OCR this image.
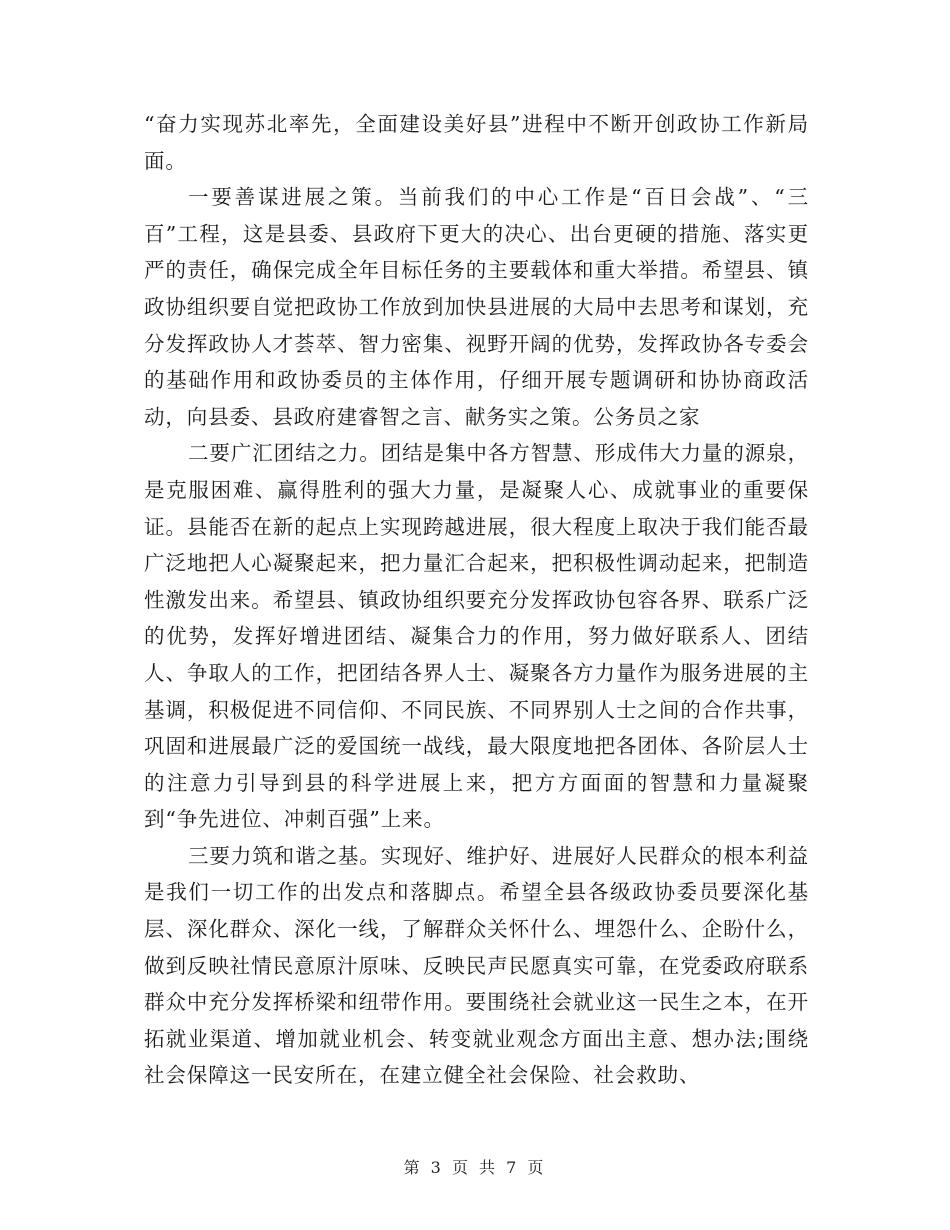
“奋力实现苏北率先，全面建设美好县”进程中不断开创政协工作新局面。

一要善谋进展之策。当前我们的中心工作是“百日会战”、“三百”工程，这是县委、县政府下更大的决心、出台更硬的措施、落实更严的责任，确保完成全年目标任务的主要载体和重大举措。希望县、镇政协组织要自觉把政协工作放到加快县进展的大局中去思考和谋划，充分发挥政协人才荟萃、智力密集、视野开阔的优势，发挥政协各专委会的基础作用和政协委员的主体作用，仔细开展专题调研和协协商政活动，向县委、县政府建睿智之言、献务实之策。公务员之家

二要广汇团结之力。团结是集中各方智慧、形成伟大力量的源泉，是克服困难、赢得胜利的强大力量，是凝聚人心、成就事业的重要保证。县能否在新的起点上实现跨越进展，很大程度上取决于我们能否最广泛地把人心凝聚起来，把力量汇合起来，把积极性调动起来，把制造性激发出来。希望县、镇政协组织要充分发挥政协包容各界、联系广泛的优势，发挥好增进团结、凝集合力的作用，努力做好联系人、团结人、争取人的工作，把团结各界人士、凝聚各方力量作为服务进展的主基调，积极促进不同信仰、不同民族、不同界别人士之间的合作共事，巩固和进展最广泛的爱国统一战线，最大限度地把各团体、各阶层人士的注意力引导到县的科学进展上来，把方方面面的智慧和力量凝聚到“争先进位、冲刺百强”上来。

三要力筑和谐之基。实现好、维护好、进展好人民群众的根本利益是我们一切工作的出发点和落脚点。希望全县各级政协委员要深化基层、深化群众、深化一线，了解群众关怀什么、埋怨什么、企盼什么，做到反映社情民意原汁原味、反映民声民愿真实可靠，在党委政府联系群众中充分发挥桥梁和纽带作用。要围绕社会就业这一民生之本，在开拓就业渠道、增加就业机会、转变就业观念方面出主意、想办法;围绕社会保障这一民安所在，在建立健全社会保险、社会救助、

第 3 页 共 7 页
